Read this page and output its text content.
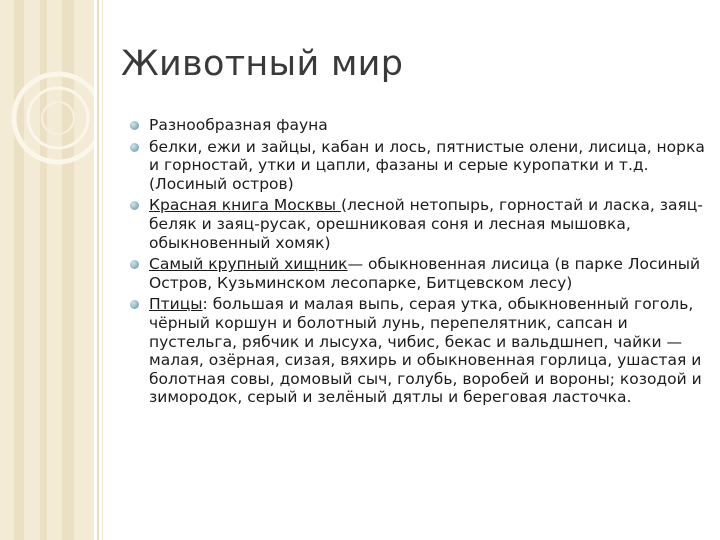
Животный мир
Разнообразная фауна
белки, ежи и зайцы, кабан и лось, пятнистые олени, лисица, норка и горностай, утки и цапли, фазаны и серые куропатки и т.д. (Лосиный остров)
Красная книга Москвы (лесной нетопырь, горностай и ласка, заяц-беляк и заяц-русак, орешниковая соня и лесная мышовка, обыкновенный хомяк)
Самый крупный хищник— обыкновенная лисица (в парке Лосиный Остров, Кузьминском лесопарке, Битцевском лесу)
Птицы: большая и малая выпь, серая утка, обыкновенный гоголь, чёрный коршун и болотный лунь, перепелятник, сапсан и пустельга, рябчик и лысуха, чибис, бекас и вальдшнеп, чайки — малая, озёрная, сизая, вяхирь и обыкновенная горлица, ушастая и болотная совы, домовый сыч, голубь, воробей и вороны; козодой и зимородок, серый и зелёный дятлы и береговая ласточка.
